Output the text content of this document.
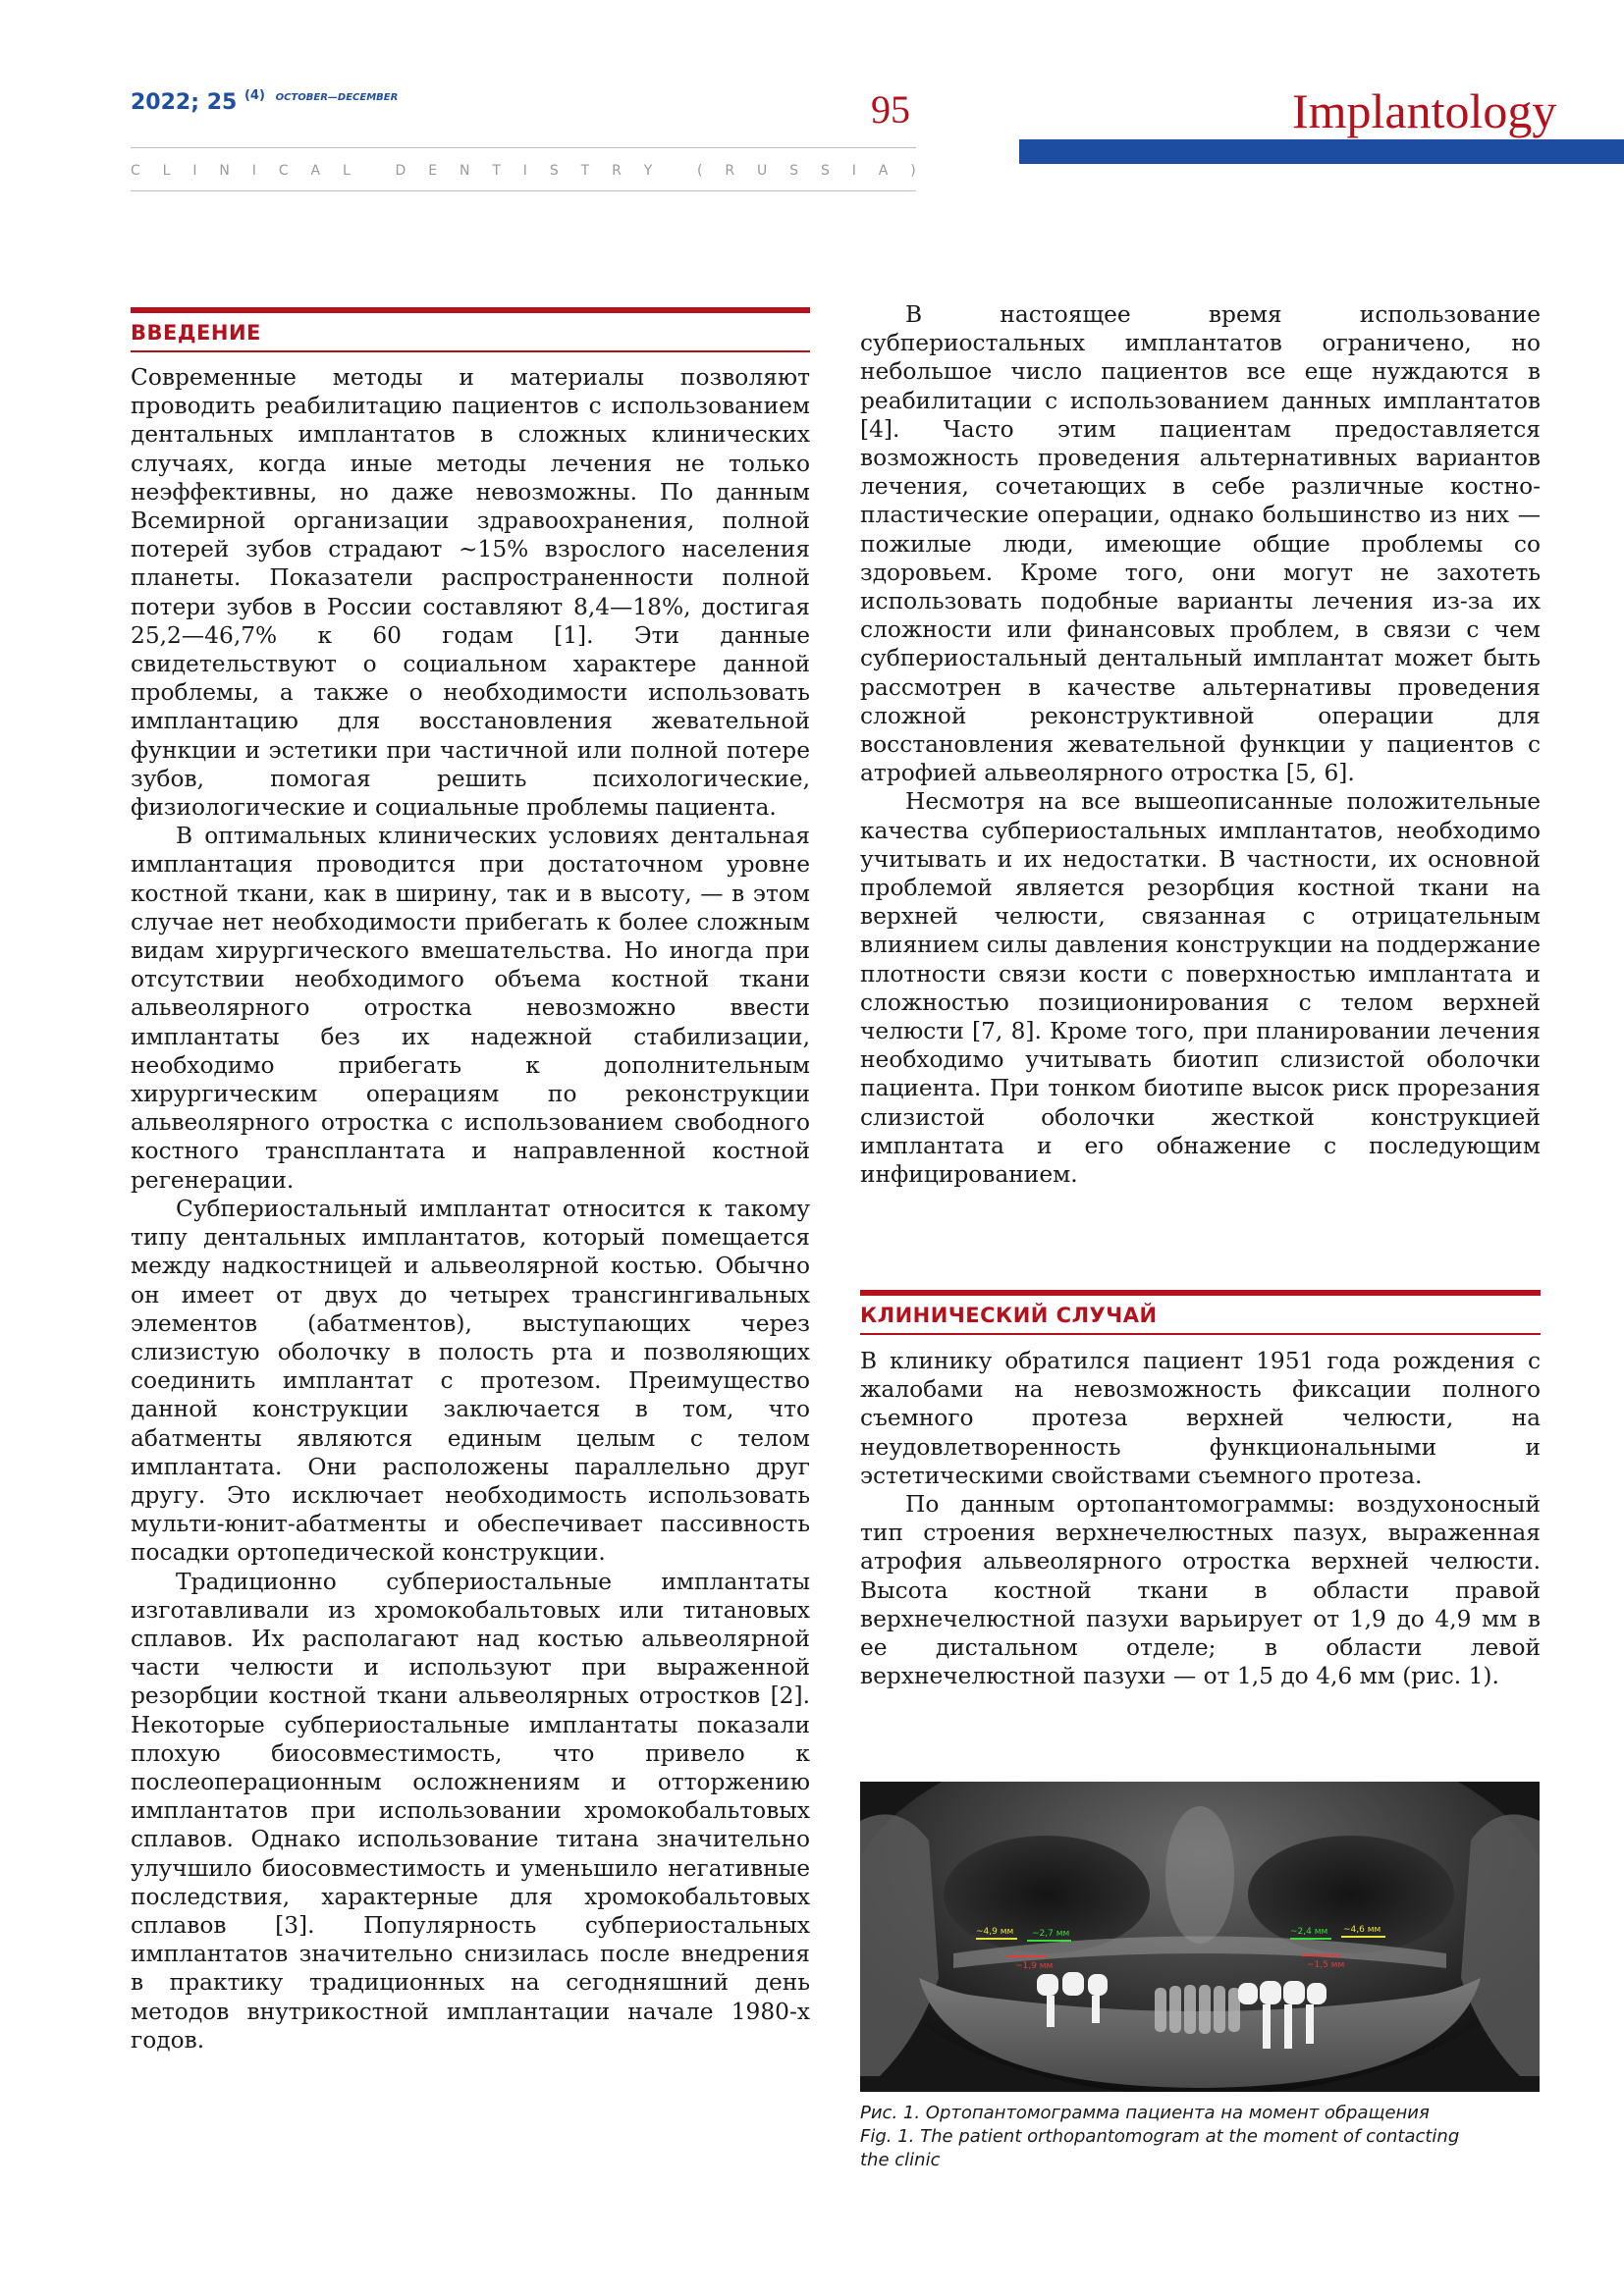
2022; 25 $^{(4)}$ $^{OCTOBER—DECEMBER}$	95	Implantology
C L I N I C A L	D E N T I S T R Y	( R U S S I A )
ВВЕДЕНИЕ

Современные методы и материалы позволяют проводить реабилитацию пациентов с использованием дентальных имплантатов в сложных клинических случаях, когда иные методы лечения не только неэффективны, но даже невозможны. По данным Всемирной организации здравоохранения, полной потерей зубов страдают ~15% взрослого населения планеты. Показатели распространенности полной потери зубов в России составляют 8,4—18%, достигая 25,2—46,7% к 60 годам [1]. Эти данные свидетельствуют о социальном характере данной проблемы, а также о необходимости использовать имплантацию для восстановления жевательной функции и эстетики при частичной или полной потере зубов, помогая решить психологические, физиологические и социальные проблемы пациента.

В оптимальных клинических условиях дентальная имплантация проводится при достаточном уровне костной ткани, как в ширину, так и в высоту, — в этом случае нет необходимости прибегать к более сложным видам хирургического вмешательства. Но иногда при отсутствии необходимого объема костной ткани альвеолярного отростка невозможно ввести имплантаты без их надежной стабилизации, необходимо прибегать к дополнительным хирургическим операциям по реконструкции альвеолярного отростка с использованием свободного костного трансплантата и направленной костной регенерации.

Субпериостальный имплантат относится к такому типу дентальных имплантатов, который помещается между надкостницей и альвеолярной костью. Обычно он имеет от двух до четырех трансгингивальных элементов (абатментов), выступающих через слизистую оболочку в полость рта и позволяющих соединить имплантат с протезом. Преимущество данной конструкции заключается в том, что абатменты являются единым целым с телом имплантата. Они расположены параллельно друг другу. Это исключает необходимость использовать мульти-юнит-абатменты и обеспечивает пассивность посадки ортопедической конструкции.

Традиционно субпериостальные имплантаты изготавливали из хромокобальтовых или титановых сплавов. Их располагают над костью альвеолярной части челюсти и используют при выраженной резорбции костной ткани альвеолярных отростков [2]. Некоторые субпериостальные имплантаты показали плохую биосовместимость, что привело к послеоперационным осложнениям и отторжению имплантатов при использовании хромокобальтовых сплавов. Однако использование титана значительно улучшило биосовместимость и уменьшило негативные последствия, характерные для хромокобальтовых сплавов [3]. Популярность субпериостальных имплантатов значительно снизилась после внедрения в практику традиционных на сегодняшний день методов внутрикостной имплантации начале 1980-х годов.

В настоящее время использование субпериостальных имплантатов ограничено, но небольшое число пациентов все еще нуждаются в реабилитации с использованием данных имплантатов [4]. Часто этим пациентам предоставляется возможность проведения альтернативных вариантов лечения, сочетающих в себе различные костно-пластические операции, однако большинство из них — пожилые люди, имеющие общие проблемы со здоровьем. Кроме того, они могут не захотеть использовать подобные варианты лечения из-за их сложности или финансовых проблем, в связи с чем субпериостальный дентальный имплантат может быть рассмотрен в качестве альтернативы проведения сложной реконструктивной операции для восстановления жевательной функции у пациентов с атрофией альвеолярного отростка [5, 6].

Несмотря на все вышеописанные положительные качества субпериостальных имплантатов, необходимо учитывать и их недостатки. В частности, их основной проблемой является резорбция костной ткани на верхней челюсти, связанная с отрицательным влиянием силы давления конструкции на поддержание плотности связи кости с поверхностью имплантата и сложностью позиционирования с телом верхней челюсти [7, 8]. Кроме того, при планировании лечения необходимо учитывать биотип слизистой оболочки пациента. При тонком биотипе высок риск прорезания слизистой оболочки жесткой конструкцией имплантата и его обнажение с последующим инфицированием.

КЛИНИЧЕСКИЙ СЛУЧАЙ

В клинику обратился пациент 1951 года рождения с жалобами на невозможность фиксации полного съемного протеза верхней челюсти, на неудовлетворенность функциональными и эстетическими свойствами съемного протеза.

По данным ортопантомограммы: воздухоносный тип строения верхнечелюстных пазух, выраженная атрофия альвеолярного отростка верхней челюсти. Высота костной ткани в области правой верхнечелюстной пазухи варьирует от 1,9 до 4,9 мм в ее дистальном отделе; в области левой верхнечелюстной пазухи — от 1,5 до 4,6 мм (рис. 1).

~4,9 мм ~2,7 мм
~1,9 мм
~2,4 мм ~4,6 мм
~1,5 мм
Рис. 1. Ортопантомограмма пациента на момент обращения
Fig. 1. The patient orthopantomogram at the moment of contacting
the clinic
